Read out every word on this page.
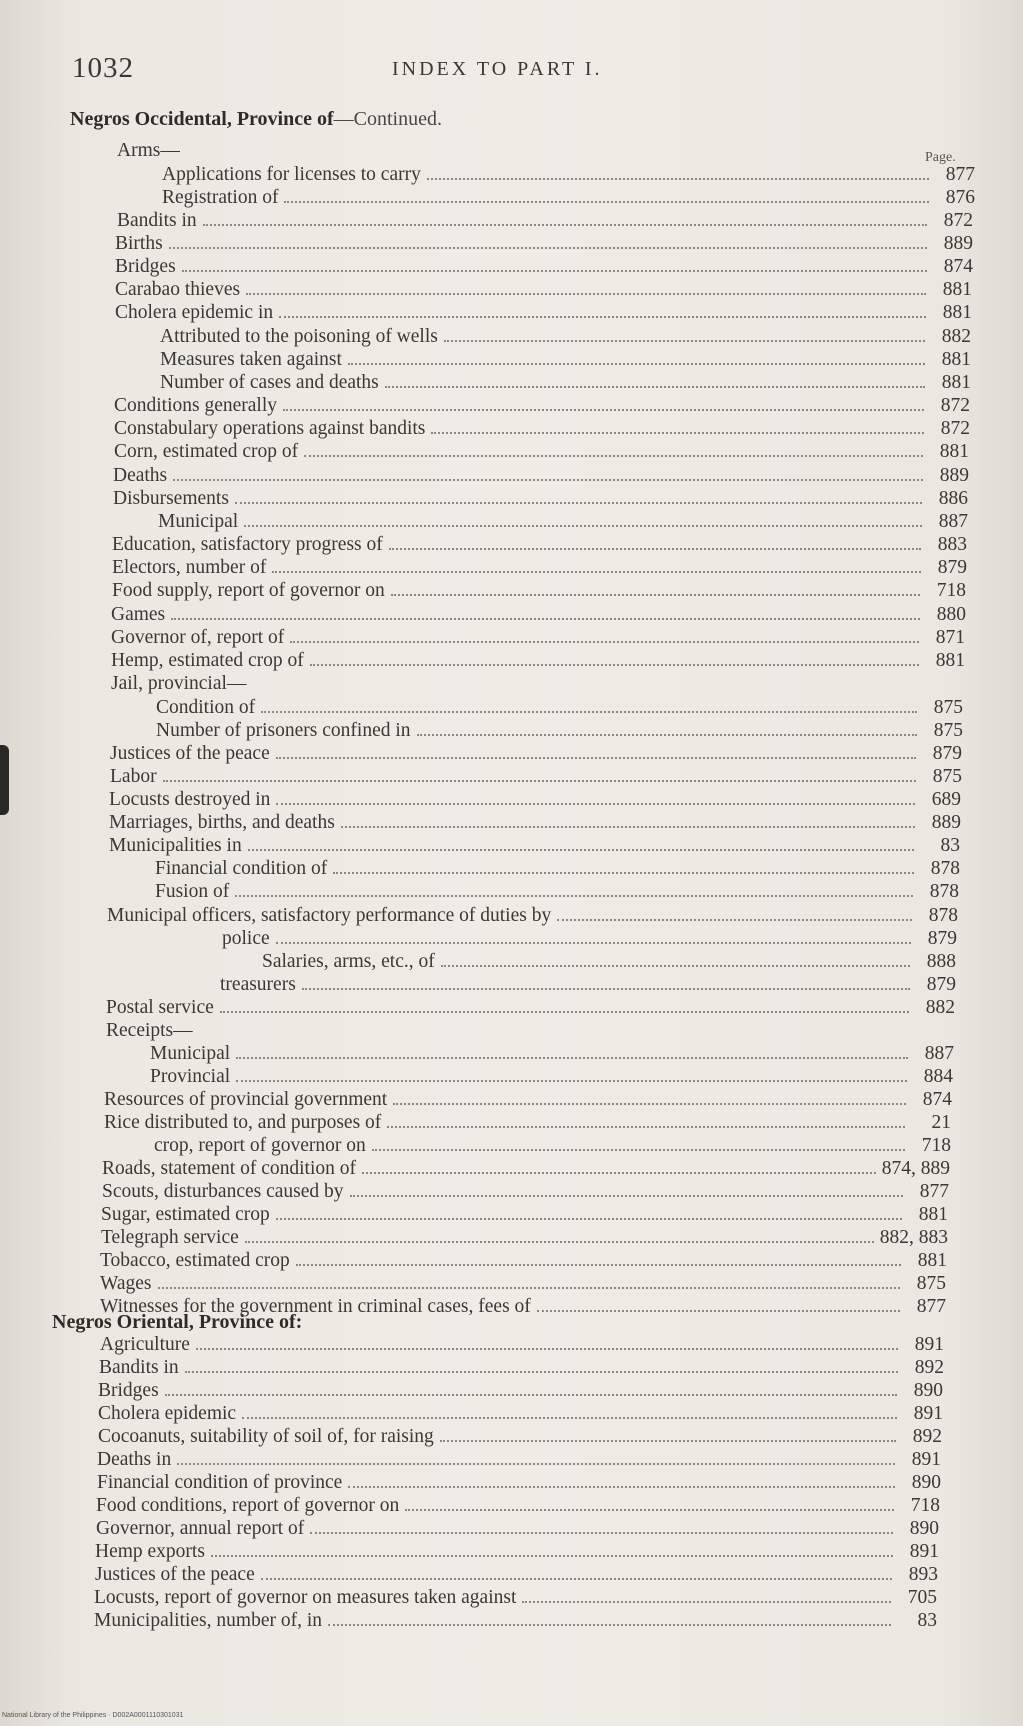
1032	INDEX TO PART I.
Negros Occidental, Province of—Continued.
Page.
Negros Oriental, Province of:
Arms—
Applications for licenses to carry	877
Registration of	876
Bandits in	872
Births	889
Bridges	874
Carabao thieves	881
Cholera epidemic in	881
Attributed to the poisoning of wells	882
Measures taken against	881
Number of cases and deaths	881
Conditions generally	872
Constabulary operations against bandits	872
Corn, estimated crop of	881
Deaths	889
Disbursements	886
Municipal	887
Education, satisfactory progress of	883
Electors, number of	879
Food supply, report of governor on	718
Games	880
Governor of, report of	871
Hemp, estimated crop of	881
Jail, provincial—
Condition of	875
Number of prisoners confined in	875
Justices of the peace	879
Labor	875
Locusts destroyed in	689
Marriages, births, and deaths	889
Municipalities in	83
Financial condition of	878
Fusion of	878
Municipal officers, satisfactory performance of duties by	878
police	879
Salaries, arms, etc., of	888
treasurers	879
Postal service	882
Receipts—
Municipal	887
Provincial	884
Resources of provincial government	874
Rice distributed to, and purposes of	21
crop, report of governor on	718
Roads, statement of condition of	874, 889
Scouts, disturbances caused by	877
Sugar, estimated crop	881
Telegraph service	882, 883
Tobacco, estimated crop	881
Wages	875
Witnesses for the government in criminal cases, fees of	877
Agriculture	891
Bandits in	892
Bridges	890
Cholera epidemic	891
Cocoanuts, suitability of soil of, for raising	892
Deaths in	891
Financial condition of province	890
Food conditions, report of governor on	718
Governor, annual report of	890
Hemp exports	891
Justices of the peace	893
Locusts, report of governor on measures taken against	705
Municipalities, number of, in	83
National Library of the Philippines · D002A0001110301031
